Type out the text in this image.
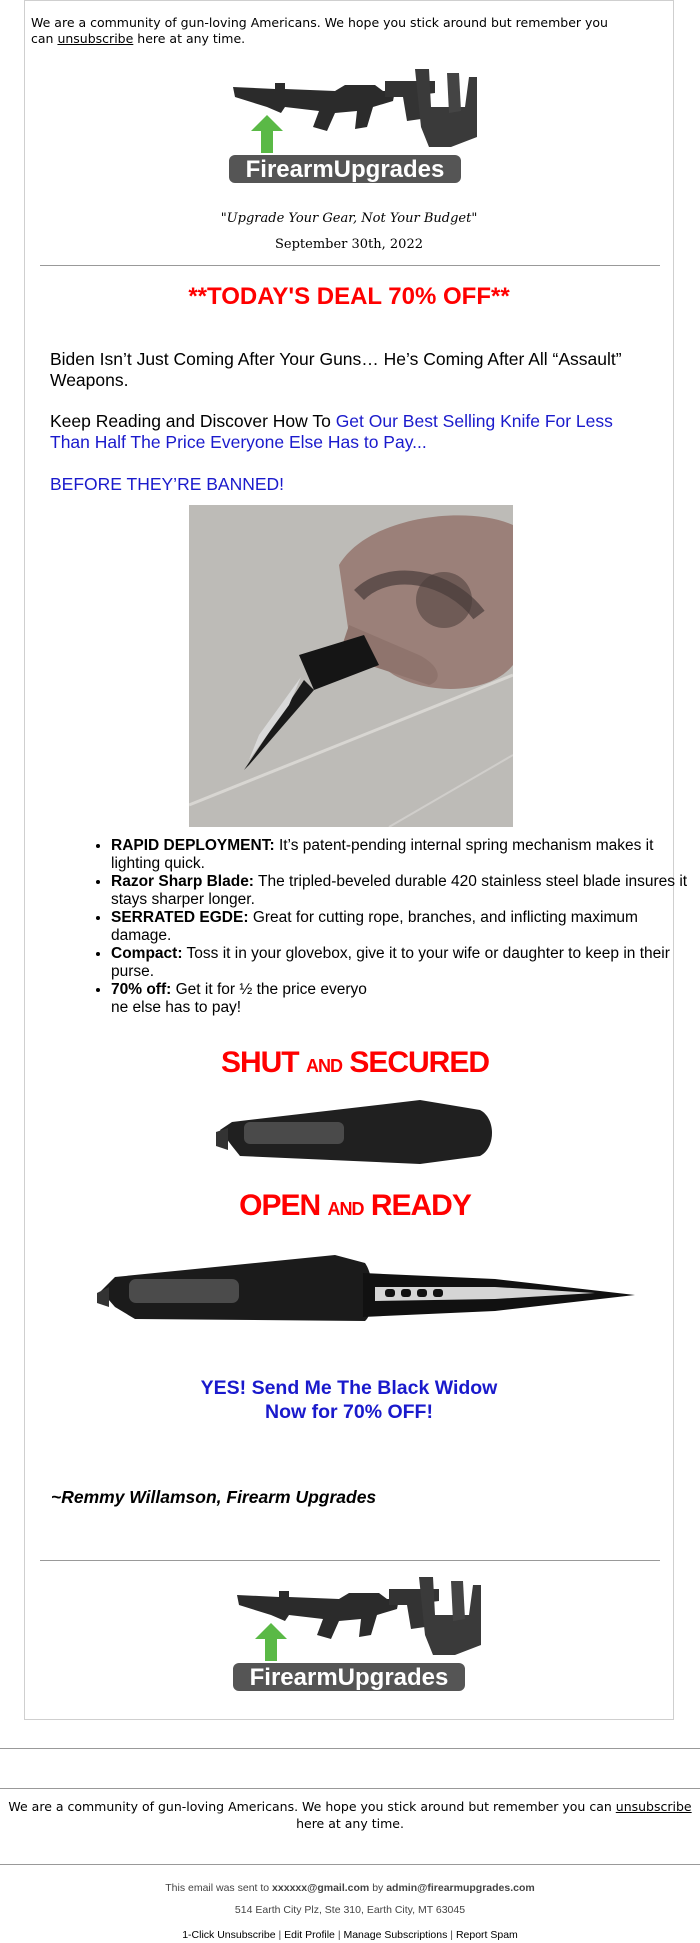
We are a community of gun-loving Americans. We hope you stick around but remember you can unsubscribe here at any time.
FirearmUpgrades
"Upgrade Your Gear, Not Your Budget"
September 30th, 2022
**TODAY'S DEAL 70% OFF**
Biden Isn’t Just Coming After Your Guns… He’s Coming After All “Assault” Weapons.
Keep Reading and Discover How To Get Our Best Selling Knife For Less Than Half The Price Everyone Else Has to Pay...
BEFORE THEY’RE BANNED!
• RAPID DEPLOYMENT: It’s patent-pending internal spring mechanism makes it lighting quick.
• Razor Sharp Blade: The tripled-beveled durable 420 stainless steel blade insures it stays sharper longer.
• SERRATED EGDE: Great for cutting rope, branches, and inflicting maximum damage.
• Compact: Toss it in your glovebox, give it to your wife or daughter to keep in their purse.
• 70% off: Get it for ½ the price everyo
ne else has to pay!
SHUT AND SECURED
OPEN AND READY
YES! Send Me The Black Widow
Now for 70% OFF!
~Remmy Willamson, Firearm Upgrades
FirearmUpgrades
We are a community of gun-loving Americans. We hope you stick around but remember you can unsubscribe here at any time.
This email was sent to xxxxxx@gmail.com by admin@firearmupgrades.com
514 Earth City Plz, Ste 310, Earth City, MT 63045
1-Click Unsubscribe | Edit Profile | Manage Subscriptions | Report Spam
